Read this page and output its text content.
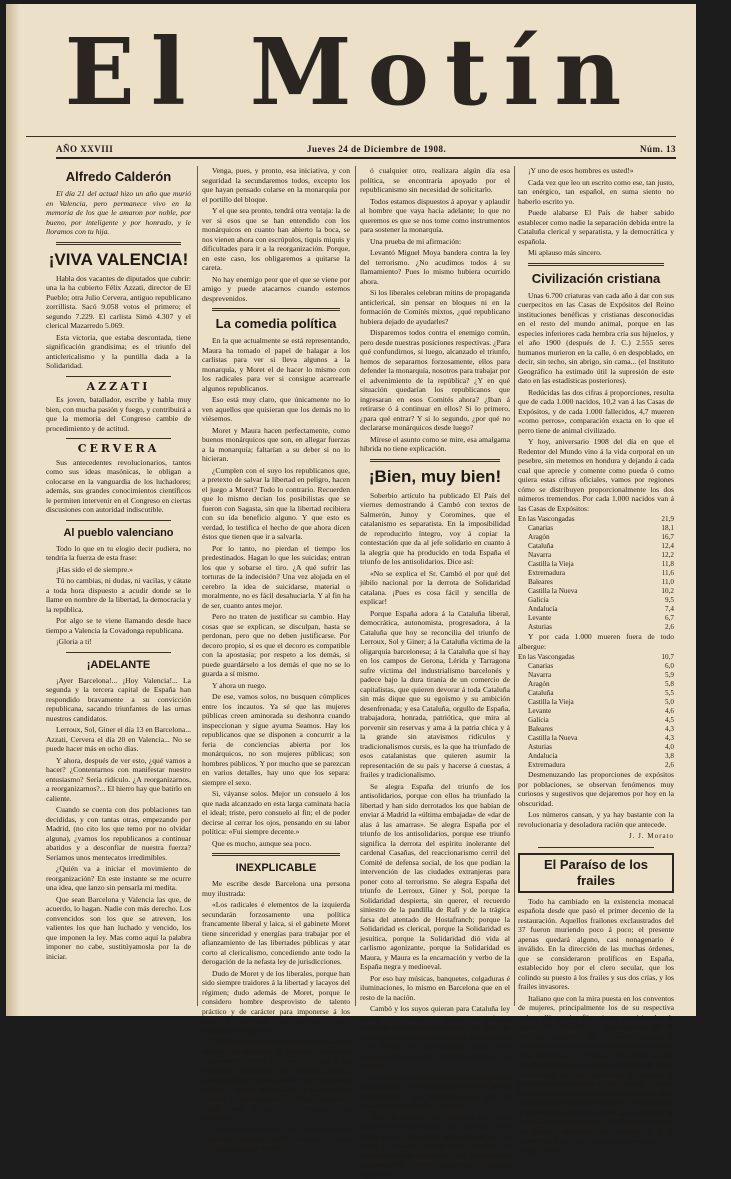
El Motín
AÑO XXVIII	Jueves 24 de Diciembre de 1908.	Núm. 13
Alfredo Calderón

El día 21 del actual hizo un año que murió en Valencia, pero permanece vivo en la memoria de los que le amaron por noble, por bueno, por inteligente y por honrado, y le lloramos con tu hija.

¡VIVA VALENCIA!

Habla dos vacantes de diputados que cubrir: una la ha cubierto Félix Azzati, director de El Pueblo; otra Julio Cervera, antiguo republicano zorrillista. Sacó 9.058 votos el primero; el segundo 7.229. El carlista Simó 4.307 y el clerical Mazarredo 5.069.

Esta victoria, que estaba descontada, tiene significación grandísima; es el triunfo del anticlericalismo y la puntilla dada a la Solidaridad.

AZZATI

Es joven, batallador, escribe y habla muy bien, con mucha pasión y fuego, y contribuirá a que la memoria del Congreso cambie de procedimiento y de actitud.

CERVERA

Sus antecedentes revolucionarios, tantos como sus ideas masónicas, le obligan a colocarse en la vanguardia de los luchadores; además, sus grandes conocimientos científicos le permiten intervenir en el Congreso en ciertas discusiones con autoridad indiscutible.

Al pueblo valenciano

Todo lo que en tu elogio decir pudiera, no tendría la fuerza de esta frase:

¡Has sido el de siempre.»

Tú no cambias, ni dudas, ni vacilas, y cátate a toda hora dispuesto a acudir donde se le llame en nombre de la libertad, la democracia y la república.

Por algo se te viene llamando desde hace tiempo a Valencia la Covadonga republicana.

¡Gloria a ti!

¡ADELANTE

¡Ayer Barcelona!... ¡Hoy Valencia!... La segunda y la tercera capital de España han respondido bravamente a su convicción republicana, sacando triunfantes de las urnas nuestros candidatos.

Lerroux, Sol, Giner el día 13 en Barcelona... Azzati, Cervera el día 20 en Valencia... No se puede hacer más en ocho días.

Y ahora, después de ver esto, ¿qué vamos a hacer? ¿Contentarnos con manifestar nuestro entusiasmo? Sería ridículo. ¿A reorganizarnos, a reorganizarnos?... El hierro hay que batirlo en caliente.

Cuando se cuenta con dos poblaciones tan decididas, y con tantas otras, empezando por Madrid, (no cito los que temo por no olvidar alguna), ¿vamos los republicanos a continuar abatidos y a desconfiar de nuestra fuerza? Seríamos unos mentecatos irredimibles.

¿Quién va a iniciar el movimiento de reorganización? En este instante se me ocurre una idea, que lanzo sin pensarla mi medita.

Que sean Barcelona y Valencia las que, de acuerdo, lo hagan. Nadie con más derecho. Los convencidos son los que se atreven, los valientes los que han luchado y vencido, los que imponen la ley. Mas como aquí la palabra imponer no cabe, sustitúyamosla por la de iniciar.

Venga, pues, y pronto, esa iniciativa, y con seguridad la secundaremos todos, excepto los que hayan pensado colarse en la monarquía por el portillo del bloque.

Y el que sea pronto, tendrá otra ventaja: la de ver si esos que se han entendido con los monárquicos en cuanto han abierto la boca, se nos vienen ahora con escrúpulos, tiquis miquis y dificultades para ir a la reorganización. Porque, en este caso, los obligaremos a quitarse la careta.

No hay enemigo peor que el que se viene por amigo y puede atacarnos cuando estemos desprevenidos.

La comedia política

En la que actualmente se está representando, Maura ha tomado el papel de halagar a los carlistas para ver si lleva algunos a la monarquía, y Moret el de hacer lo mismo con los radicales para ver si consigue acarrearle algunos republicanos.

Eso está muy claro, que únicamente no lo ven aquellos que quisieran que los demás no lo viésemos.

Moret y Maura hacen perfectamente, como buenos monárquicos que son, en allegar fuerzas a la monarquía; faltarían a su deber si no lo hicieran.

¿Cumplen con el suyo los republicanos que, a pretexto de salvar la libertad en peligro, hacen el juego a Moret? Todo lo contrario. Recuerden que lo mismo decían los posibilistas que se fueron con Sagasta, sin que la libertad recibiera con su ida beneficio alguno. Y que esto es verdad, lo testifica el hecho de que ahora dicen éstos que tienen que ir a salvarla.

Por lo tanto, no pierdan el tiempo los predestinados. Hagan lo que les suicidas; entran los que y sobarse el tiro. ¿A qué sufrir las torturas de la indecisión? Una vez alojada en el cerebro la idea de suicidarse, material o moralmente, no es fácil desahuciarla. Y al fin ha de ser, cuanto antes mejor.

Pero no traten de justificar su cambio. Hay cosas que se explican, se disculpan, hasta se perdonan, pero que no deben justificarse. Por decoro propio, si es que el decoro es compatible con la apostasía; por respeto a los demás, si puede guardárselo a los demás el que no se lo guarda a sí mismo.

Y ahora un ruego.

De ese, vamos solos, no busquen cómplices entre los incautos. Ya sé que las mujeres públicas creen aminorada su deshonra cuando inspeccionan y sígue ayuma Seamos. Hay los republicanos que se disponen a concurrir a la feria de conciencias abierta por los monárquicos, no son mujeres públicas; son hombres públicos. Y por mucho que se parezcan en varios detalles, hay uno que los separa: siempre el sexo.

Si, váyanse solos. Mejor un consuelo á los que nada alcanzado en esta larga caminata hacia el ideal; triste, pero consuelo al fin; el de poder decirse al cerrar los ojos, pensando en su labor política: «Fui siempre decente.»

Que es mucho, aunque sea poco.

INEXPLICABLE

Me escribe desde Barcelona una persona muy ilustrada:

«Los radicales é elementos de la izquierda secundarán forzosamente una política francamente liberal y laica, si el gabinete Moret tiene sinceridad y energías para trabajar por el afianzamiento de las libertades públicas y atar corto al clericalismo, concediendo ante todo la derogación de la nefasta ley de jurisdicciones.

Dudo de Moret y de los liberales, porque han sido siempre traidores á la libertad y lacayos del régimen; dudo además de Moret, porque le considero hombre desprovisto de talento práctico y de carácter para imponerse á los suyos y emprender una valerosa acción francamente progresiva.

Si Moret tuviera las cualidades personales de Maura, para aplicarlas en favor de una acción intensamente liberal, se llevaría de calle á los elementos progresivos de Cataluña entera, habría acabado definitivamente con el problema catalán, y tendría en Cataluña el más decidido baluarte de la defensa de la política progresiva. Tenga usted de esto la convicción más absoluta.»

No puedo apreciar bien, por carecer de datos, si resultaría todo cual me dice mi amigo. Lo que sí afirmo, es que si Moret,

ó cualquier otro, realizara algún día esa política, se encontraría apoyado por el republicanismo sin necesidad de solicitarlo.

Todos estamos dispuestos á apoyar y aplaudir al hombre que vaya hacia adelante; lo que no queremos es que se nos tome como instrumentos para sostener la monarquía.

Una prueba de mi afirmación:

Levantó Miguel Moya bandera contra la ley del terrorismo. ¿No acudimos todos á su llamamiento? Pues lo mismo hubiera ocurrido ahora.

Si los liberales celebran mitins de propaganda anticlerical, sin pensar en bloques ni en la formación de Comités mixtos, ¿qué republicano hubiera dejado de ayudarles?

Disparemos todos contra el enemigo común, pero desde nuestras posiciones respectivas. ¿Para qué confundirnos, si luego, alcanzado el triunfo, hemos de separarnos forzosamente, ellos para defender la monarquía, nosotros para trabajar por el advenimiento de la república? ¿Y en qué situación quedarían los republicanos que ingresaran en esos Comités ahora? ¿Iban á retirarse ó á continuar en ellos? Si lo primero, ¿para qué entrar? Y si lo segundo, ¿por qué no declararse monárquicos desde luego?

Mírese el asunto como se mire, esa amalgama híbrida no tiene explicación.

¡Bien, muy bien!

Soberbio artículo ha publicado El País del viernes demostrando á Cambó con textos de Salmerón, Junoy y Coromines, que el catalanismo es separatista. En la imposibilidad de reproducirlo íntegro, voy á copiar la contestación que da al jefe solidario en cuanto á la alegría que ha producido en toda España el triunfo de los antisolidarios. Dice así:

«No se explica el Sr. Cambó el por qué del júbilo nacional por la derrota de Solidaridad catalana. ¡Pues es cosa fácil y sencilla de explicar!

Porque España adora á la Cataluña liberal, democrática, autonomista, progresadora, á la Cataluña que hoy se reconcilia del triunfo de Lerroux, Sol y Giner; á la Cataluña víctima de la oligarquía barcelonesa; á la Cataluña que sí hay en los campos de Gerona, Lérida y Tarragona sufre víctima del industrialismo barcelonés y padece bajo la dura tiranía de un comercio de capitalistas, que quieren devorar á toda Cataluña sin más dique que su egoísmo y su ambición desenfrenada; y esa Cataluña, orgullo de España, trabajadora, honrada, patriótica, que mira al porvenir sin reservas y ama á la patria chica y á la grande sin atavismos ridículos y tradicionalismos cursis, es la que ha triunfado de esos catalanistas que quieren asumir la representación de su país y hacerse á cuestas, á frailes y tradicionalismo.

Se alegra España del triunfo de los antisolidarios, porque con ellos ha triunfado la libertad y han sido derrotados los que habían de enviar á Madrid la «última embajada» de «dar de alas á las amarras». Se alegra España por el triunfo de los antisolidarios, porque ese triunfo significa la derrota del espíritu inolerante del cardenal Casañas, del reaccionarismo cerril del Comité de defensa social, de los que podían la intervención de las ciudades extranjeras para poner coto al terrorismo. Se alegra España del triunfo de Lerroux, Giner y Sol, porque la Solidaridad despierta, sin querer, el recuerdo siniestro de la pandilla de Rafí y de la trágica farsa del atentado de Hostafranch; porque la Solidaridad es clerical, porque la Solidaridad es jesuítica, porque la Solidaridad dió vida al carlismo agonizante, porque la Solidaridad es Maura, y Maura es la encarnación y verbo de la España negra y medioeval.

Por eso hay músicas, banquetes, colgaduras é iluminaciones, lo mismo en Barcelona que en el resto de la nación.

Cambó y los suyos quieran para Cataluña ley contra el terrorismo, la muerte del sufragio universal, el privilegio económico en favor de los oligarcas, la cesantía perpetua, la protección á la Iglesia; los anti-solidarios quieren para Cataluña y el resto de España la libertad y la república.

Así tiene de extraño que todos los españoles batan palmas, se regocijen con el triunfo de los antisolidarios y que estrechamente el grito de ¡Viva España! al de viva Lerroux!

¡Ah! Sr. Cambó: hay hombres que salen llenos de efectados «pour rire», pero que no se libran de ser ejecutados públicamente por la lógica y el sentido común de los pueblos que forman vilmente engañados, por mezclaremos repetutamente, móviles mezquinos é insanos egoísmos.

¡Y uno de esos hombres es usted!»

Cada vez que leo un escrito como ese, tan justo, tan enérgico, tan español, en suma siento no haberlo escrito yo.

Puede alabarse El País de haber sabido establecer como nadie la separación debida entre la Cataluña clerical y separatista, y la democrática y española.

Mi aplauso más sincero.

Civilización cristiana

Unas 6.700 criaturas van cada año á dar con sus cuerpecitos en las Casas de Expósitos del Reino instituciones benéficas y cristianas desconocidas en el resto del mundo animal, porque en las especies inferiores cada hembra cría sus hijuelos, y el año 1900 (después de J. C.) 2.555 seres humanos murieron en la calle, ó en despoblado, en decir, sin techo, sin abrigo, sin cama... (el Instituto Geográfico ha estimado útil la supresión de este dato en las estadísticas posteriores).

Redúcidas las dos cifras á proporciones, resulta que de cada 1.000 nacidos, 10,2 van á las Casas de Expósitos, y de cada 1.000 fallecidos, 4,7 mueren «como perros», comparación exacta en lo que el perro tiene de animal civilizado.

Y hoy, aniversario 1908 del día en que el Redentor del Mundo vino á la vida corporal en un pesebre, sin metemos en hondura y dejando á cada cual que aprecie y comente como pueda ó como quiera estas cifras oficiales, vamos por regiones cómo se distribuyen proporcionalmente los dos números tremendos. Por cada 1.000 nacidos van á las Casas de Expósitos:

En las Vascongadas	21,9
Canarias	18,1
Aragón	16,7
Cataluña	12,4
Navarra	12,2
Castilla la Vieja	11,8
Extremadura	11,6
Baleares	11,0
Castilla la Nueva	10,2
Galicia	9,5
Andalucía	7,4
Levante	6,7
Asturias	2,6

Y por cada 1.000 mueren fuera de todo albergue:

En las Vascongadas	10,7
Canarias	6,0
Navarra	5,9
Aragón	5,8
Cataluña	5,5
Castilla la Vieja	5,0
Levante	4,6
Galicia	4,5
Baleares	4,3
Castilla la Nueva	4,3
Asturias	4,0
Andalucía	3,8
Extremadura	2,6

Desmenuzando las proporciones de expósitos por poblaciones, se observan fenómenos muy curiosos y sugestivos que dejaremos por hoy en la obscuridad.

Los números cansan, y ya hay bastante con la revolucionaria y desoladora ración que antecede.

J. J. Morato
El Paraíso de los frailes

Todo ha cambiado en la existencia monacal española desde que pasó el primer decenio de la restauración. Aquellos frailones exclaustrados del 37 fueron muriendo poco á poco; el presente apenas quedará alguno, casi nonagenario é inválido. En la dirección de las muchas órdenes, que se consideraron prolíficos en España, establecido hoy por el clero secular, que los colindo su puesto á los frailes y sus dos crías, y los frailes invasores.

Italiano que con la mira puesta en los conventos de mujeres, principalmente los de su respectiva orden; allí mandan fijar ciertos provisionales de acción. En Madrid, el nombramiento del P. Molfino, capuchino de la nueva horada, se estableció muy cerca de las capuchinas, en el que ellas intervenían y dirigían. Otros franciscanos, venidos más tarde, arraigaron el cariño de la pía colectividad, en cuya comunidad el convento de franciscanas observantes de San Pascual, y allí se hubieron tenido un gran padrino y protector en el mayordomo de la administración de los capellanes, á quienes protegió de tal modo, que un monje de los frailes glorioso palatino, D. Filomeno Cuevas, no hubiese agradecido al convento y á la comunidad a favor de su protector, para decir en el púlpito, no sin
